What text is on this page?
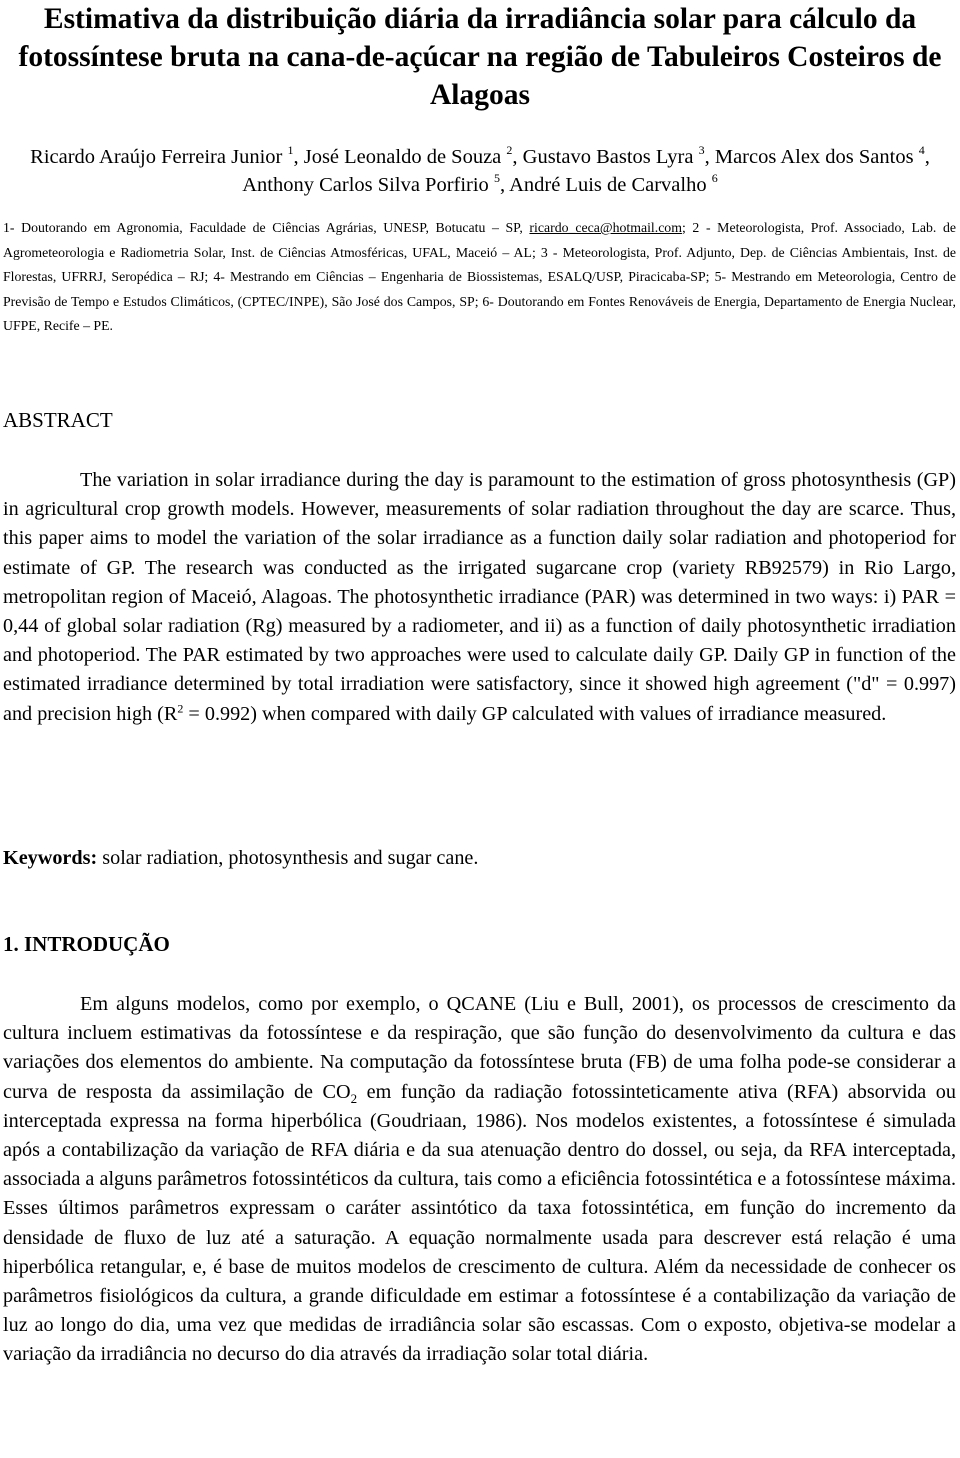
Estimativa da distribuição diária da irradiância solar para cálculo da fotossíntese bruta na cana-de-açúcar na região de Tabuleiros Costeiros de Alagoas

Ricardo Araújo Ferreira Junior $^1$, José Leonaldo de Souza $^2$, Gustavo Bastos Lyra $^3$, Marcos Alex dos Santos $^4$, Anthony Carlos Silva Porfirio $^5$, André Luis de Carvalho $^6$

1- Doutorando em Agronomia, Faculdade de Ciências Agrárias, UNESP, Botucatu – SP, ricardo_ceca@hotmail.com; 2 - Meteorologista, Prof. Associado, Lab. de Agrometeorologia e Radiometria Solar, Inst. de Ciências Atmosféricas, UFAL, Maceió – AL; 3 - Meteorologista, Prof. Adjunto, Dep. de Ciências Ambientais, Inst. de Florestas, UFRRJ, Seropédica – RJ; 4- Mestrando em Ciências – Engenharia de Biossistemas, ESALQ/USP, Piracicaba-SP; 5- Mestrando em Meteorologia, Centro de Previsão de Tempo e Estudos Climáticos, (CPTEC/INPE), São José dos Campos, SP; 6- Doutorando em Fontes Renováveis de Energia, Departamento de Energia Nuclear, UFPE, Recife – PE.

ABSTRACT

The variation in solar irradiance during the day is paramount to the estimation of gross photosynthesis (GP) in agricultural crop growth models. However, measurements of solar radiation throughout the day are scarce. Thus, this paper aims to model the variation of the solar irradiance as a function daily solar radiation and photoperiod for estimate of GP. The research was conducted as the irrigated sugarcane crop (variety RB92579) in Rio Largo, metropolitan region of Maceió, Alagoas. The photosynthetic irradiance (PAR) was determined in two ways: i) PAR = 0,44 of global solar radiation (Rg) measured by a radiometer, and ii) as a function of daily photosynthetic irradiation and photoperiod. The PAR estimated by two approaches were used to calculate daily GP. Daily GP in function of the estimated irradiance determined by total irradiation were satisfactory, since it showed high agreement ("d" = 0.997) and precision high $(R^2 = 0.992)$ when compared with daily GP calculated with values of irradiance measured.

Keywords: solar radiation, photosynthesis and sugar cane.

1. INTRODUÇÃO

Em alguns modelos, como por exemplo, o QCANE (Liu e Bull, 2001), os processos de crescimento da cultura incluem estimativas da fotossíntese e da respiração, que são função do desenvolvimento da cultura e das variações dos elementos do ambiente. Na computação da fotossíntese bruta (FB) de uma folha pode-se considerar a curva de resposta da assimilação de $CO_2$ em função da radiação fotossinteticamente ativa (RFA) absorvida ou interceptada expressa na forma hiperbólica (Goudriaan, 1986). Nos modelos existentes, a fotossíntese é simulada após a contabilização da variação de RFA diária e da sua atenuação dentro do dossel, ou seja, da RFA interceptada, associada a alguns parâmetros fotossintéticos da cultura, tais como a eficiência fotossintética e a fotossíntese máxima. Esses últimos parâmetros expressam o caráter assintótico da taxa fotossintética, em função do incremento da densidade de fluxo de luz até a saturação. A equação normalmente usada para descrever está relação é uma hiperbólica retangular, e, é base de muitos modelos de crescimento de cultura. Além da necessidade de conhecer os parâmetros fisiológicos da cultura, a grande dificuldade em estimar a fotossíntese é a contabilização da variação de luz ao longo do dia, uma vez que medidas de irradiância solar são escassas. Com o exposto, objetiva-se modelar a variação da irradiância no decurso do dia através da irradiação solar total diária.
